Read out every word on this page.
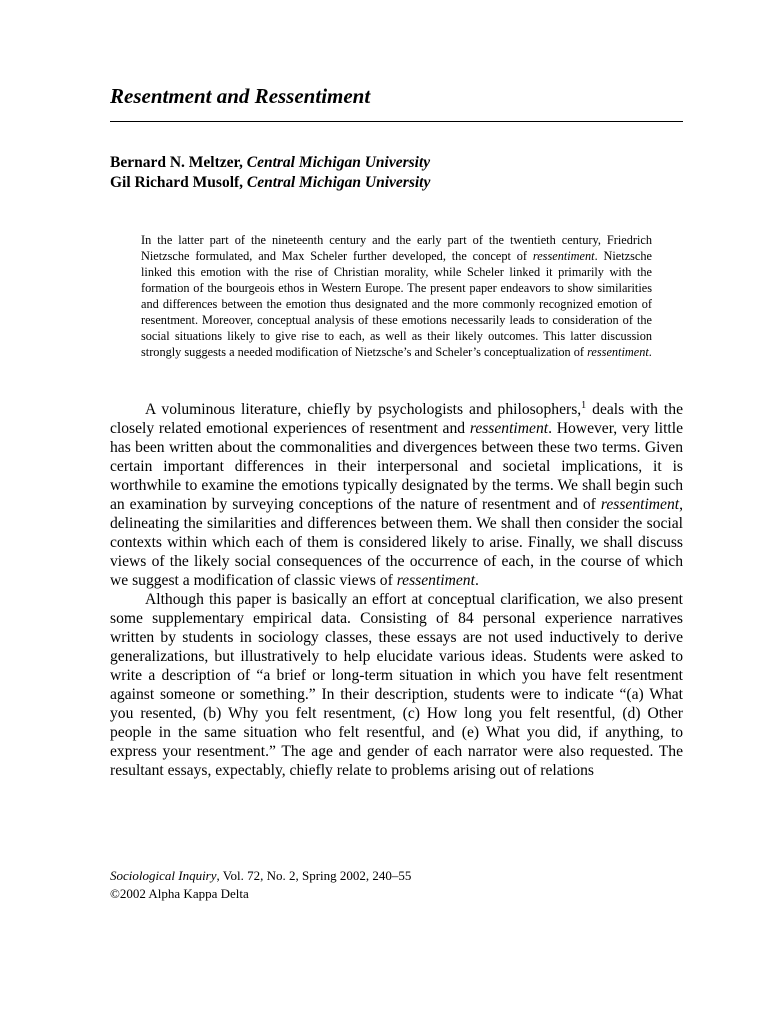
Resentment and Ressentiment
Bernard N. Meltzer, Central Michigan University
Gil Richard Musolf, Central Michigan University

In the latter part of the nineteenth century and the early part of the twentieth century, Friedrich Nietzsche formulated, and Max Scheler further developed, the concept of ressentiment. Nietzsche linked this emotion with the rise of Christian morality, while Scheler linked it primarily with the formation of the bourgeois ethos in Western Europe. The present paper endeavors to show similarities and differences between the emotion thus designated and the more commonly recognized emotion of resentment. Moreover, conceptual analysis of these emotions necessarily leads to consideration of the social situations likely to give rise to each, as well as their likely outcomes. This latter discussion strongly suggests a needed modification of Nietzsche’s and Scheler’s conceptualization of ressentiment.

A voluminous literature, chiefly by psychologists and philosophers,$^1$ deals with the closely related emotional experiences of resentment and ressentiment. However, very little has been written about the commonalities and divergences between these two terms. Given certain important differences in their interpersonal and societal implications, it is worthwhile to examine the emotions typically designated by the terms. We shall begin such an examination by surveying conceptions of the nature of resentment and of ressentiment, delineating the similarities and differences between them. We shall then consider the social contexts within which each of them is considered likely to arise. Finally, we shall discuss views of the likely social consequences of the occurrence of each, in the course of which we suggest a modification of classic views of ressentiment.

Although this paper is basically an effort at conceptual clarification, we also present some supplementary empirical data. Consisting of 84 personal experience narratives written by students in sociology classes, these essays are not used inductively to derive generalizations, but illustratively to help elucidate various ideas. Students were asked to write a description of “a brief or long-term situation in which you have felt resentment against someone or something.” In their description, students were to indicate “(a) What you resented, (b) Why you felt resentment, (c) How long you felt resentful, (d) Other people in the same situation who felt resentful, and (e) What you did, if anything, to express your resentment.” The age and gender of each narrator were also requested. The resultant essays, expectably, chiefly relate to problems arising out of relations

Sociological Inquiry, Vol. 72, No. 2, Spring 2002, 240–55
©2002 Alpha Kappa Delta
